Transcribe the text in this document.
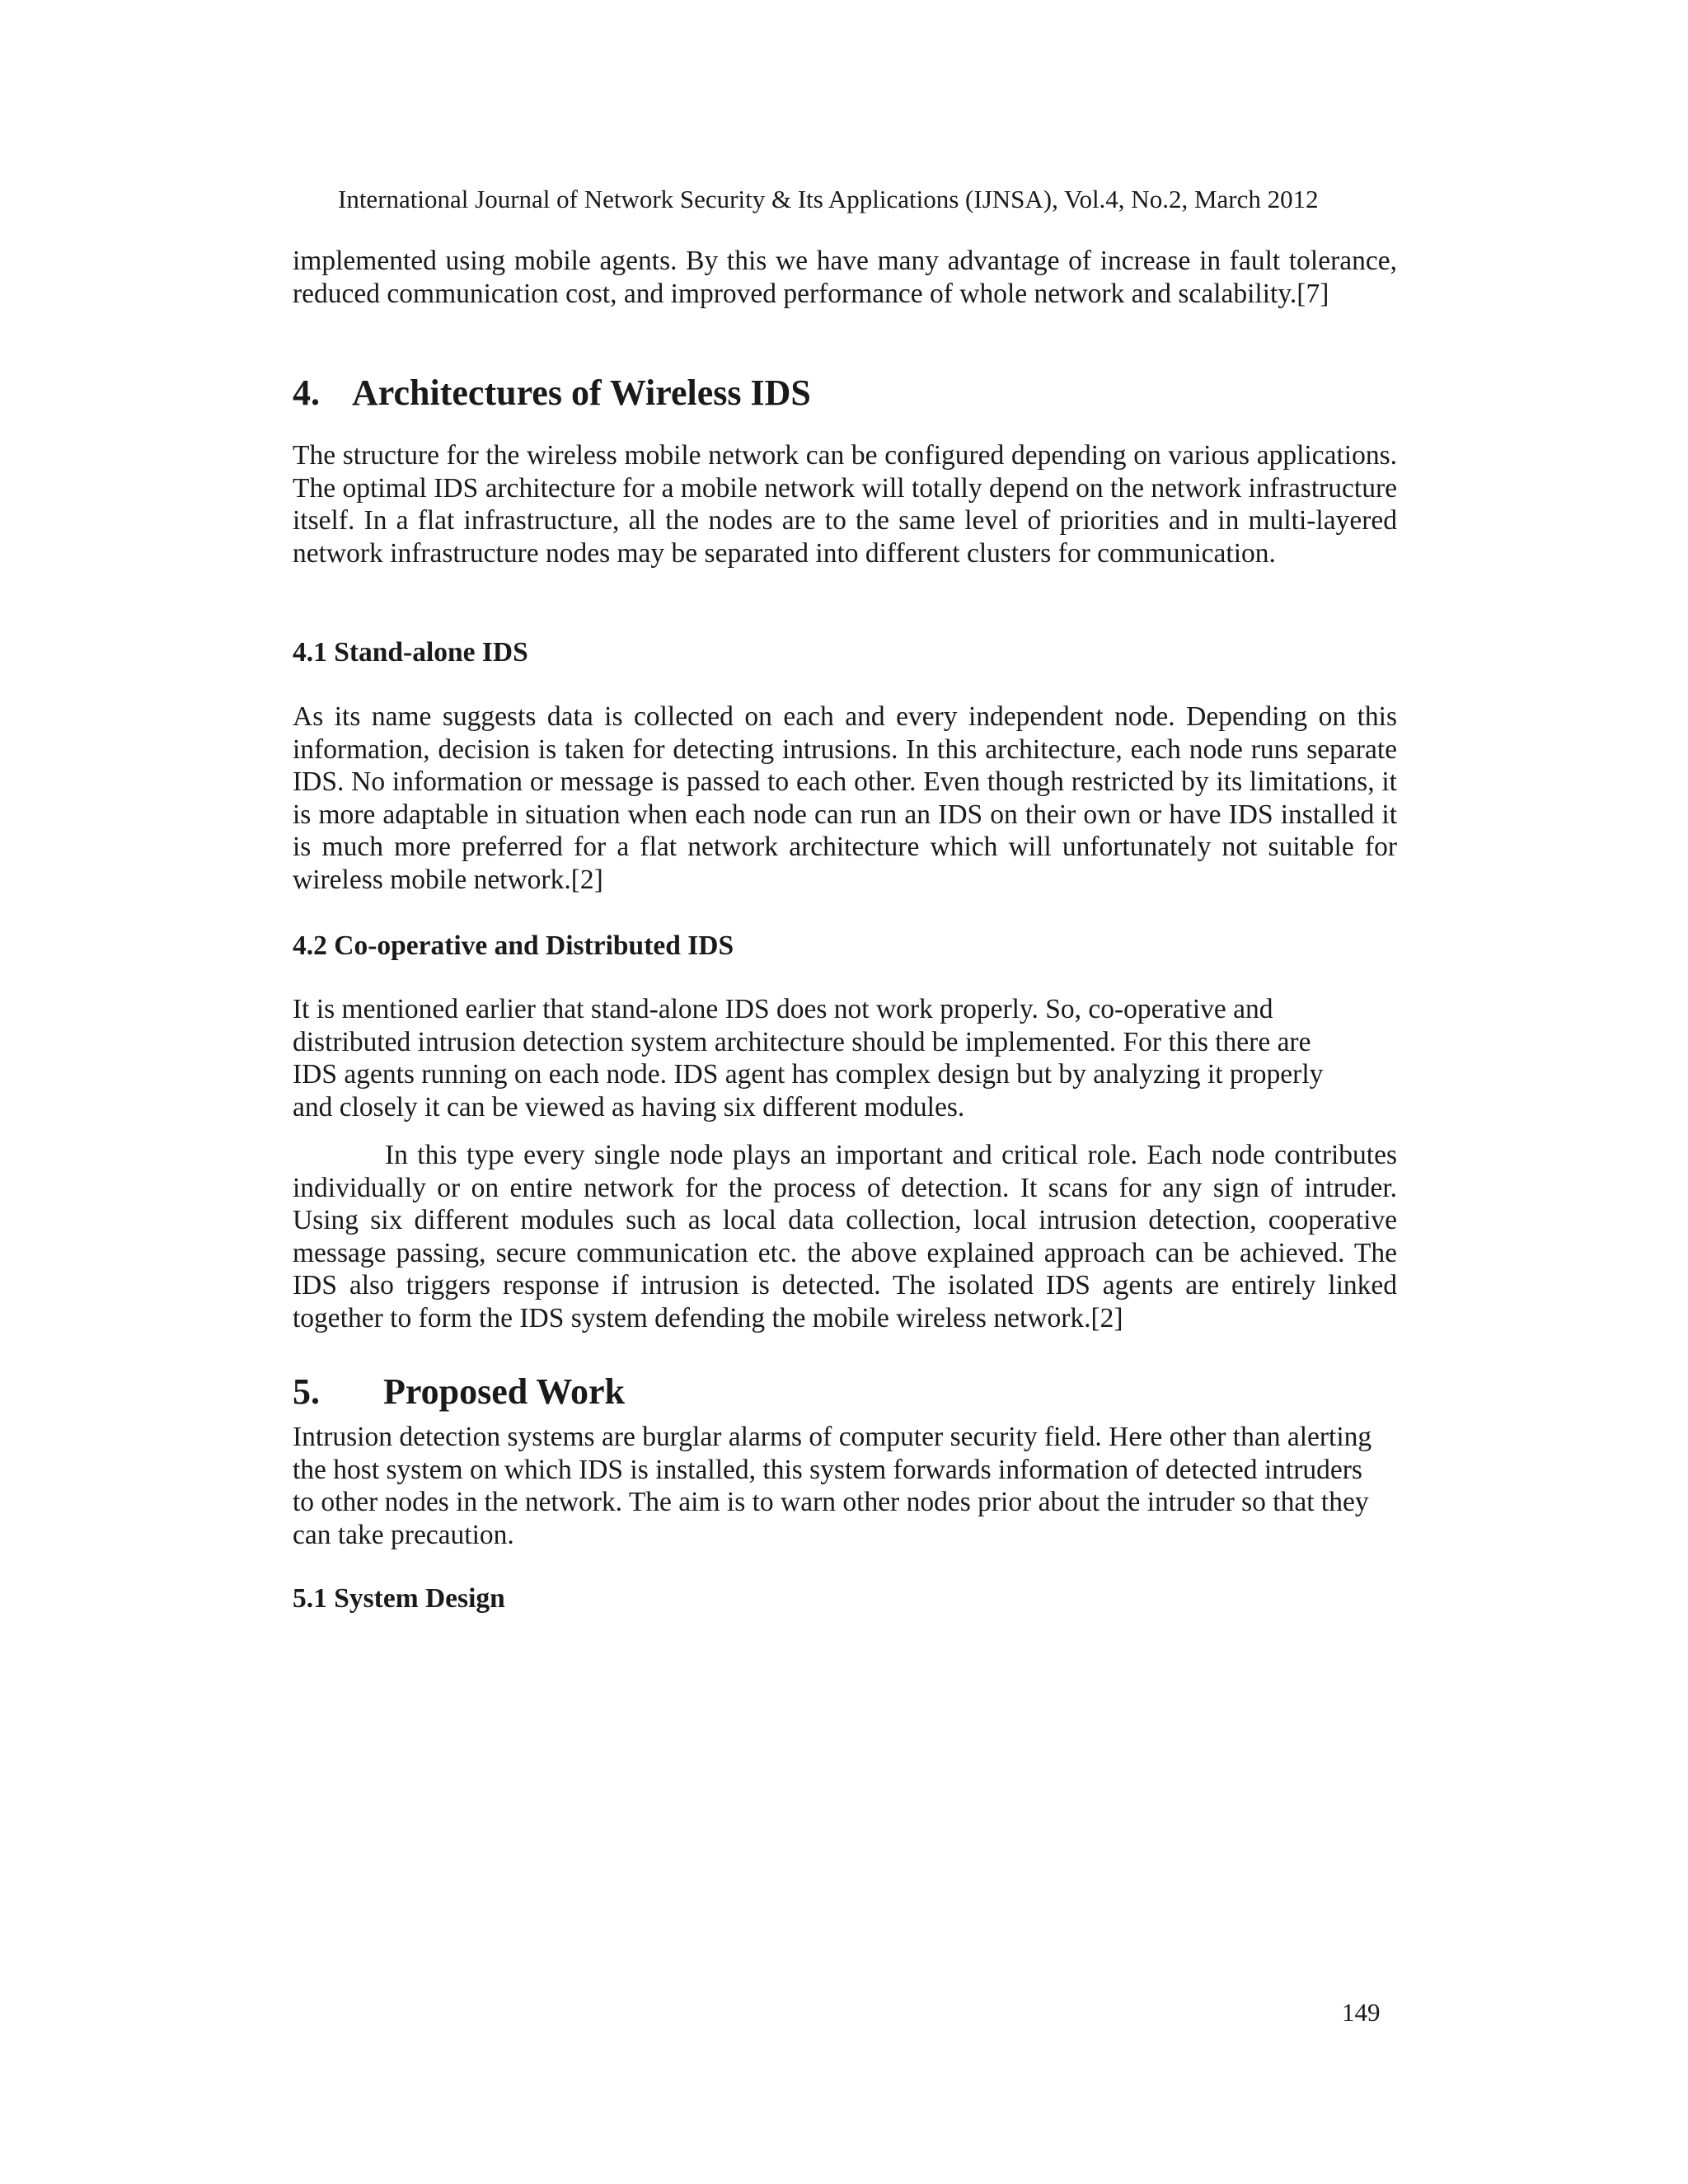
International Journal of Network Security & Its Applications (IJNSA), Vol.4, No.2, March 2012

implemented using mobile agents. By this we have many advantage of increase in fault tolerance, reduced communication cost, and improved performance of whole network and scalability.[7]

4. Architectures of Wireless IDS

The structure for the wireless mobile network can be configured depending on various applications. The optimal IDS architecture for a mobile network will totally depend on the network infrastructure itself. In a flat infrastructure, all the nodes are to the same level of priorities and in multi-layered network infrastructure nodes may be separated into different clusters for communication.

4.1 Stand-alone IDS

As its name suggests data is collected on each and every independent node. Depending on this information, decision is taken for detecting intrusions. In this architecture, each node runs separate IDS. No information or message is passed to each other. Even though restricted by its limitations, it is more adaptable in situation when each node can run an IDS on their own or have IDS installed it is much more preferred for a flat network architecture which will unfortunately not suitable for wireless mobile network.[2]

4.2 Co-operative and Distributed IDS

It is mentioned earlier that stand-alone IDS does not work properly. So, co-operative and distributed intrusion detection system architecture should be implemented. For this there are IDS agents running on each node. IDS agent has complex design but by analyzing it properly and closely it can be viewed as having six different modules.

In this type every single node plays an important and critical role. Each node contributes individually or on entire network for the process of detection. It scans for any sign of intruder. Using six different modules such as local data collection, local intrusion detection, cooperative message passing, secure communication etc. the above explained approach can be achieved. The IDS also triggers response if intrusion is detected. The isolated IDS agents are entirely linked together to form the IDS system defending the mobile wireless network.[2]

5. Proposed Work

Intrusion detection systems are burglar alarms of computer security field. Here other than alerting the host system on which IDS is installed, this system forwards information of detected intruders to other nodes in the network. The aim is to warn other nodes prior about the intruder so that they can take precaution.

5.1 System Design
149
